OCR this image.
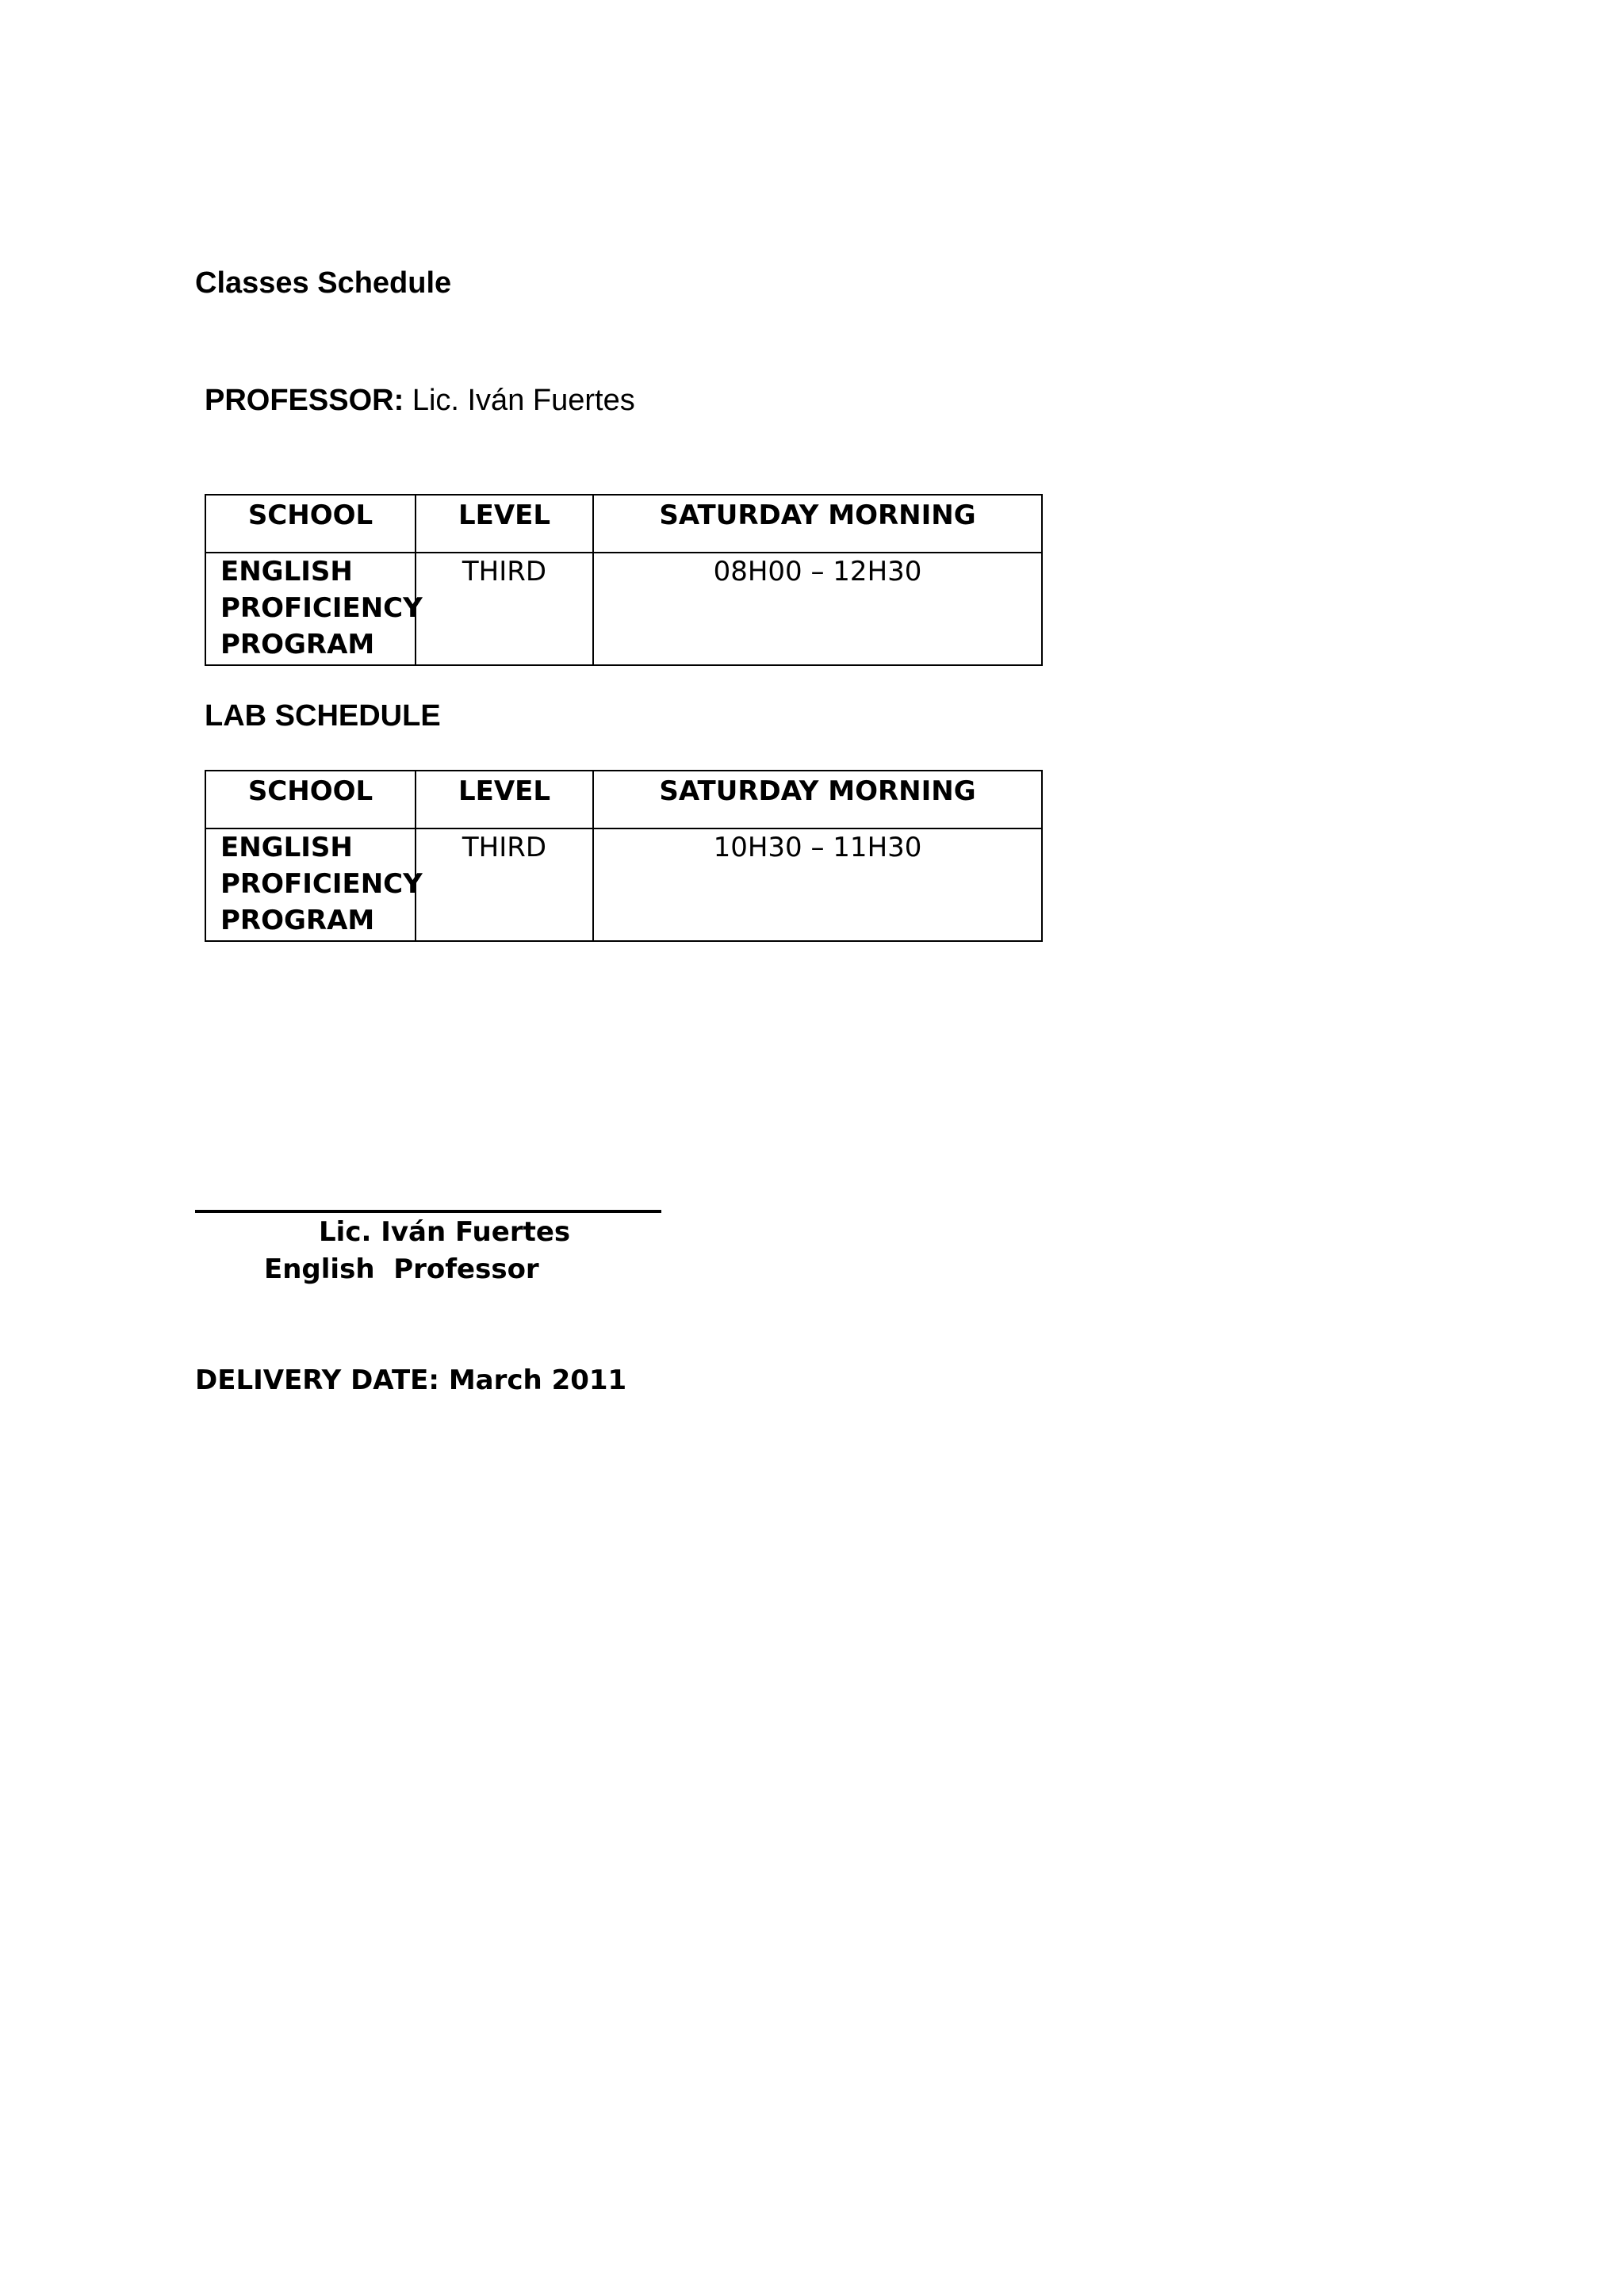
Classes Schedule
PROFESSOR: Lic. Iván Fuertes
SCHOOL	LEVEL	SATURDAY MORNING

ENGLISH
PROFICIENCY
PROGRAM	THIRD	08H00 – 12H30
LAB SCHEDULE
SCHOOL	LEVEL	SATURDAY MORNING

ENGLISH
PROFICIENCY
PROGRAM	THIRD	10H30 – 11H30
Lic. Iván Fuertes
English  Professor
DELIVERY DATE: March 2011
